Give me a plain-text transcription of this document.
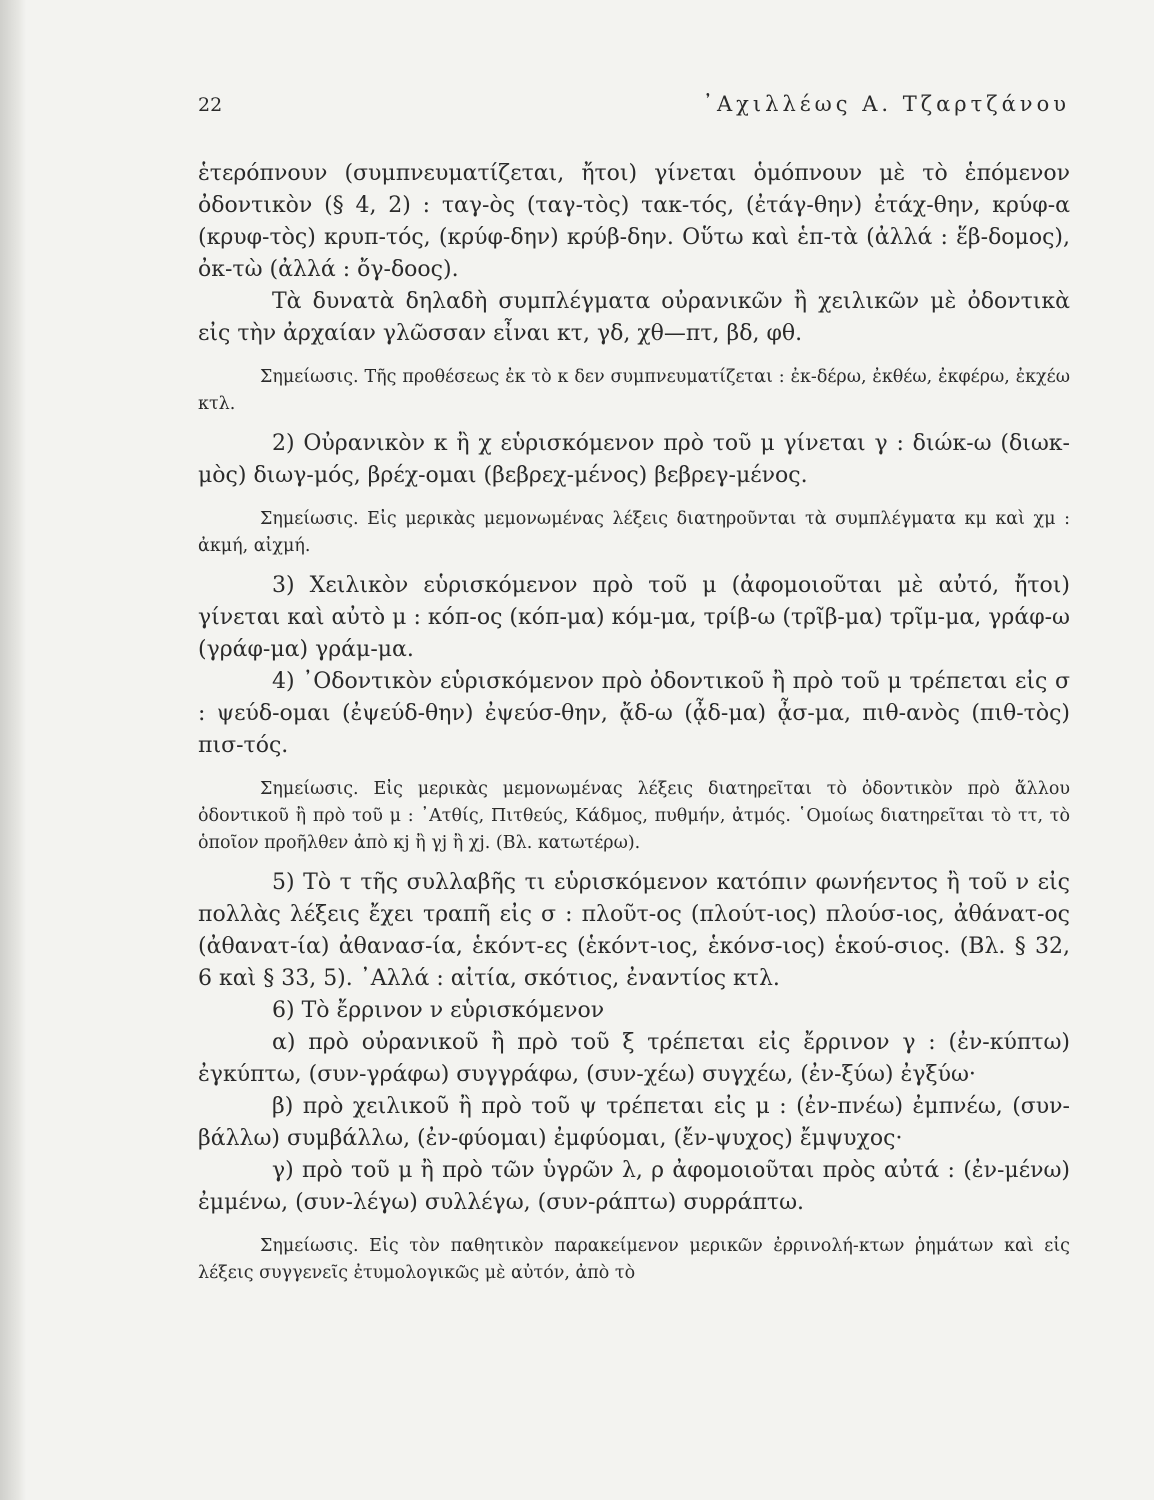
22	᾿Αχιλλέως Α. Τζαρτζάνου

ἑτερόπνουν (συμπνευματίζεται, ἤτοι) γίνεται ὁμόπνουν μὲ τὸ ἑπόμενον ὀδοντικὸν (§ 4, 2) : ταγ-ὸς (ταγ-τὸς) τακ-τός, (ἐτάγ-θην) ἐτάχ-θην, κρύφ-α (κρυφ-τὸς) κρυπ-τός, (κρύφ-δην) κρύβ-δην. Οὕτω καὶ ἑπ-τὰ (ἀλλά : ἕβ-δομος), ὀκ-τὼ (ἀλλά : ὄγ-δοος).

Τὰ δυνατὰ δηλαδὴ συμπλέγματα οὐρανικῶν ἢ χειλικῶν μὲ ὀδοντικὰ εἰς τὴν ἀρχαίαν γλῶσσαν εἶναι κτ, γδ, χθ—πτ, βδ, φθ.

Σημείωσις. Τῆς προθέσεως ἐκ τὸ κ δεν συμπνευματίζεται : ἐκ-δέρω, ἐκθέω, ἐκφέρω, ἐκχέω κτλ.

2) Οὐρανικὸν κ ἢ χ εὑρισκόμενον πρὸ τοῦ μ γίνεται γ : διώκ-ω (διωκ-μὸς) διωγ-μός, βρέχ-ομαι (βεβρεχ-μένος) βεβρεγ-μένος.

Σημείωσις. Εἰς μερικὰς μεμονωμένας λέξεις διατηροῦνται τὰ συμπλέγματα κμ καὶ χμ : ἀκμή, αἰχμή.

3) Χειλικὸν εὑρισκόμενον πρὸ τοῦ μ (ἀφομοιοῦται μὲ αὐτό, ἤτοι) γίνεται καὶ αὐτὸ μ : κόπ-ος (κόπ-μα) κόμ-μα, τρίβ-ω (τρῖβ-μα) τρῖμ-μα, γράφ-ω (γράφ-μα) γράμ-μα.

4) ᾿Οδοντικὸν εὑρισκόμενον πρὸ ὀδοντικοῦ ἢ πρὸ τοῦ μ τρέπεται εἰς σ : ψεύδ-ομαι (ἐψεύδ-θην) ἐψεύσ-θην, ᾄδ-ω (ᾆδ-μα) ᾆσ-μα, πιθ-ανὸς (πιθ-τὸς) πισ-τός.

Σημείωσις. Εἰς μερικὰς μεμονωμένας λέξεις διατηρεῖται τὸ ὀδοντικὸν πρὸ ἄλλου ὀδοντικοῦ ἢ πρὸ τοῦ μ : ᾿Ατθίς, Πιτθεύς, Κάδμος, πυθμήν, ἀτμός. ῾Ομοίως διατηρεῖται τὸ ττ, τὸ ὁποῖον προῆλθεν ἀπὸ κj ἢ γj ἢ χj. (Βλ. κατωτέρω).

5) Τὸ τ τῆς συλλαβῆς τι εὑρισκόμενον κατόπιν φωνήεντος ἢ τοῦ ν εἰς πολλὰς λέξεις ἔχει τραπῆ εἰς σ : πλοῦτ-ος (πλούτ-ιος) πλούσ-ιος, ἀθάνατ-ος (ἀθανατ-ία) ἀθανασ-ία, ἑκόντ-ες (ἑκόντ-ιος, ἑκόνσ-ιος) ἑκού-σιος. (Βλ. § 32, 6 καὶ § 33, 5). ᾿Αλλά : αἰτία, σκότιος, ἐναντίος κτλ.

6) Τὸ ἔρρινον ν εὑρισκόμενον

α) πρὸ οὐρανικοῦ ἢ πρὸ τοῦ ξ τρέπεται εἰς ἔρρινον γ : (ἐν-κύπτω) ἐγκύπτω, (συν-γράφω) συγγράφω, (συν-χέω) συγχέω, (ἐν-ξύω) ἐγξύω·

β) πρὸ χειλικοῦ ἢ πρὸ τοῦ ψ τρέπεται εἰς μ : (ἐν-πνέω) ἐμπνέω, (συν-βάλλω) συμβάλλω, (ἐν-φύομαι) ἐμφύομαι, (ἔν-ψυχος) ἔμψυχος·

γ) πρὸ τοῦ μ ἢ πρὸ τῶν ὑγρῶν λ, ρ ἀφομοιοῦται πρὸς αὐτά : (ἐν-μένω) ἐμμένω, (συν-λέγω) συλλέγω, (συν-ράπτω) συρράπτω.

Σημείωσις. Εἰς τὸν παθητικὸν παρακείμενον μερικῶν ἐρρινολή-κτων ῥημάτων καὶ εἰς λέξεις συγγενεῖς ἐτυμολογικῶς μὲ αὐτόν, ἀπὸ τὸ
